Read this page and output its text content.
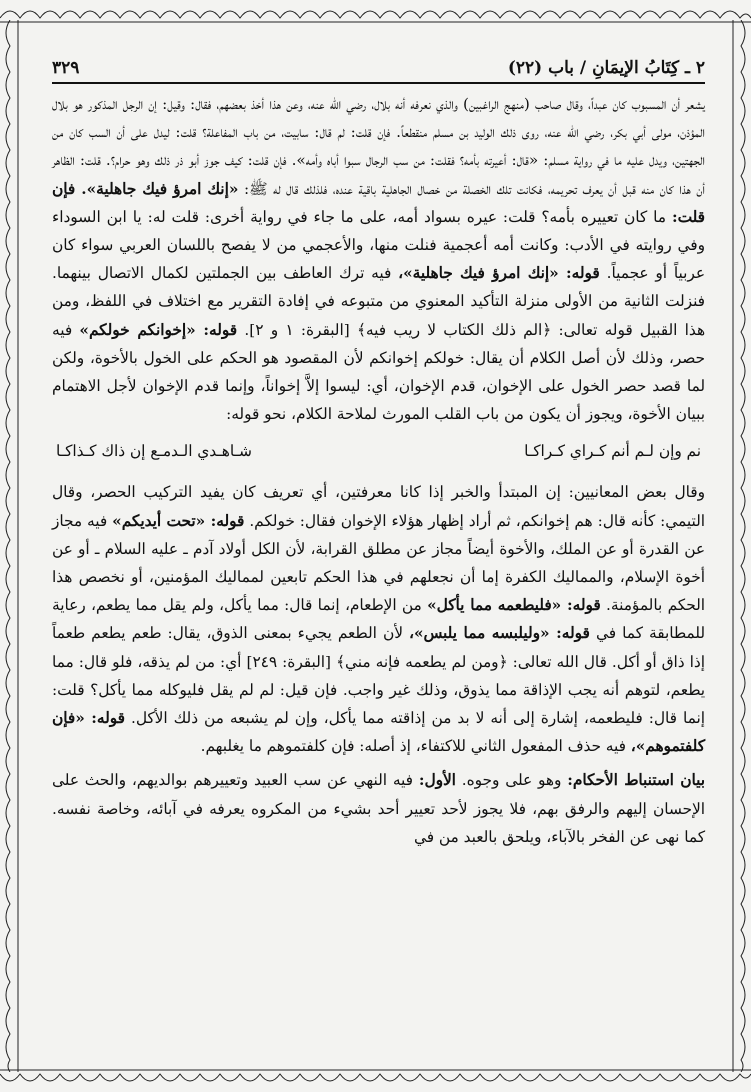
٢ ـ كِتَابُ الإيمَانِ / باب (٢٢)
٣٢٩

يشعر أن المسبوب كان عبداً، وقال صاحب (منهج الراغبين) والذي نعرفه أنه بلال، رضي الله عنه، وعن هذا أخذ بعضهم، فقال: وقيل: إن الرجل المذكور هو بلال المؤذن، مولى أبي بكر، رضي الله عنه، روى ذلك الوليد بن مسلم منقطعاً. فإن قلت: لم قال: سابيت، من باب المفاعلة؟ قلت: ليدل على أن السب كان من الجهتين، ويدل عليه ما في رواية مسلم: «قال: أعيرته بأمه؟ فقلت: من سب الرجال سبوا أباه وأمه». فإن قلت: كيف جوز أبو ذر ذلك وهو حرام؟. قلت: الظاهر أن هذا كان منه قبل أن يعرف تحريمه، فكانت تلك الخصلة من خصال الجاهلية باقية عنده، فلذلك قال له ﷺ: «إنك امرؤ فيك جاهلية». فإن قلت: ما كان تعييره بأمه؟ قلت: عيره بسواد أمه، على ما جاء في رواية أخرى: قلت له: يا ابن السوداء وفي روايته في الأدب: وكانت أمه أعجمية فنلت منها، والأعجمي من لا يفصح باللسان العربي سواء كان عربياً أو عجمياً. قوله: «إنك امرؤ فيك جاهلية»، فيه ترك العاطف بين الجملتين لكمال الاتصال بينهما. فنزلت الثانية من الأولى منزلة التأكيد المعنوي من متبوعه في إفادة التقرير مع اختلاف في اللفظ، ومن هذا القبيل قوله تعالى: ﴿الم ذلك الكتاب لا ريب فيه﴾ [البقرة: ١ و ٢]. قوله: «إخوانكم خولكم» فيه حصر، وذلك لأن أصل الكلام أن يقال: خولكم إخوانكم لأن المقصود هو الحكم على الخول بالأخوة، ولكن لما قصد حصر الخول على الإخوان، قدم الإخوان، أي: ليسوا إلاَّ إخواناً، وإنما قدم الإخوان لأجل الاهتمام ببيان الأخوة، ويجوز أن يكون من باب القلب المورث لملاحة الكلام، نحو قوله:

نم وإن لـم أنم كـراي كـراكـا
شـاهـدي الـدمـع إن ذاك كـذاكـا

وقال بعض المعانيين: إن المبتدأ والخبر إذا كانا معرفتين، أي تعريف كان يفيد التركيب الحصر، وقال التيمي: كأنه قال: هم إخوانكم، ثم أراد إظهار هؤلاء الإخوان فقال: خولكم. قوله: «تحت أيديكم» فيه مجاز عن القدرة أو عن الملك، والأخوة أيضاً مجاز عن مطلق القرابة، لأن الكل أولاد آدم ـ عليه السلام ـ أو عن أخوة الإسلام، والمماليك الكفرة إما أن نجعلهم في هذا الحكم تابعين لمماليك المؤمنين، أو نخصص هذا الحكم بالمؤمنة. قوله: «فليطعمه مما يأكل» من الإطعام، إنما قال: مما يأكل، ولم يقل مما يطعم، رعاية للمطابقة كما في قوله: «وليلبسه مما يلبس»، لأن الطعم يجيء بمعنى الذوق، يقال: طعم يطعم طعماً إذا ذاق أو أكل. قال الله تعالى: ﴿ومن لم يطعمه فإنه مني﴾ [البقرة: ٢٤٩] أي: من لم يذقه، فلو قال: مما يطعم، لتوهم أنه يجب الإذاقة مما يذوق، وذلك غير واجب. فإن قيل: لم لم يقل فليوكله مما يأكل؟ قلت: إنما قال: فليطعمه، إشارة إلى أنه لا بد من إذاقته مما يأكل، وإن لم يشبعه من ذلك الأكل. قوله: «فإن كلفتموهم»، فيه حذف المفعول الثاني للاكتفاء، إذ أصله: فإن كلفتموهم ما يغلبهم.

بيان استنباط الأحكام: وهو على وجوه. الأول: فيه النهي عن سب العبيد وتعييرهم بوالديهم، والحث على الإحسان إليهم والرفق بهم، فلا يجوز لأحد تعيير أحد بشيء من المكروه يعرفه في آبائه، وخاصة نفسه. كما نهى عن الفخر بالآباء، ويلحق بالعبد من في
